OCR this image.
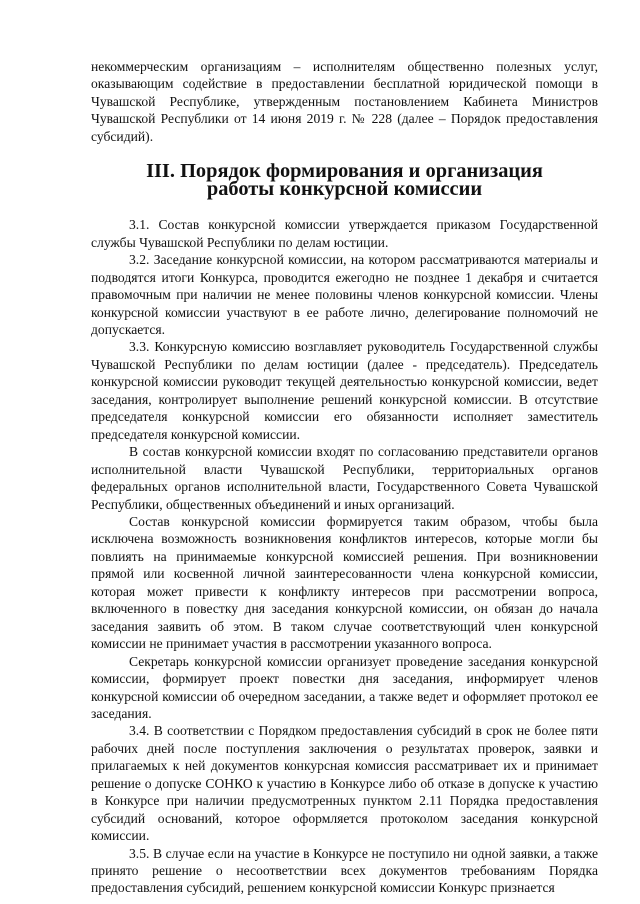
некоммерческим организациям – исполнителям общественно полезных услуг, оказывающим содействие в предоставлении бесплатной юридической помощи в Чувашской Республике, утвержденным постановлением Кабинета Министров Чувашской Республики от 14 июня 2019 г. № 228 (далее – Порядок предоставления субсидий).

III. Порядок формирования и организация
работы конкурсной комиссии

3.1. Состав конкурсной комиссии утверждается приказом Государственной службы Чувашской Республики по делам юстиции.

3.2. Заседание конкурсной комиссии, на котором рассматриваются материалы и подводятся итоги Конкурса, проводится ежегодно не позднее 1 декабря и считается правомочным при наличии не менее половины членов конкурсной комиссии. Члены конкурсной комиссии участвуют в ее работе лично, делегирование полномочий не допускается.

3.3. Конкурсную комиссию возглавляет руководитель Государственной службы Чувашской Республики по делам юстиции (далее - председатель). Председатель конкурсной комиссии руководит текущей деятельностью конкурсной комиссии, ведет заседания, контролирует выполнение решений конкурсной комиссии. В отсутствие председателя конкурсной комиссии его обязанности исполняет заместитель председателя конкурсной комиссии.

В состав конкурсной комиссии входят по согласованию представители органов исполнительной власти Чувашской Республики, территориальных органов федеральных органов исполнительной власти, Государственного Совета Чувашской Республики, общественных объединений и иных организаций.

Состав конкурсной комиссии формируется таким образом, чтобы была исключена возможность возникновения конфликтов интересов, которые могли бы повлиять на принимаемые конкурсной комиссией решения. При возникновении прямой или косвенной личной заинтересованности члена конкурсной комиссии, которая может привести к конфликту интересов при рассмотрении вопроса, включенного в повестку дня заседания конкурсной комиссии, он обязан до начала заседания заявить об этом. В таком случае соответствующий член конкурсной комиссии не принимает участия в рассмотрении указанного вопроса.

Секретарь конкурсной комиссии организует проведение заседания конкурсной комиссии, формирует проект повестки дня заседания, информирует членов конкурсной комиссии об очередном заседании, а также ведет и оформляет протокол ее заседания.

3.4. В соответствии с Порядком предоставления субсидий в срок не более пяти рабочих дней после поступления заключения о результатах проверок, заявки и прилагаемых к ней документов конкурсная комиссия рассматривает их и принимает решение о допуске СОНКО к участию в Конкурсе либо об отказе в допуске к участию в Конкурсе при наличии предусмотренных пунктом 2.11 Порядка предоставления субсидий оснований, которое оформляется протоколом заседания конкурсной комиссии.

3.5. В случае если на участие в Конкурсе не поступило ни одной заявки, а также принято решение о несоответствии всех документов требованиям Порядка предоставления субсидий, решением конкурсной комиссии Конкурс признается
